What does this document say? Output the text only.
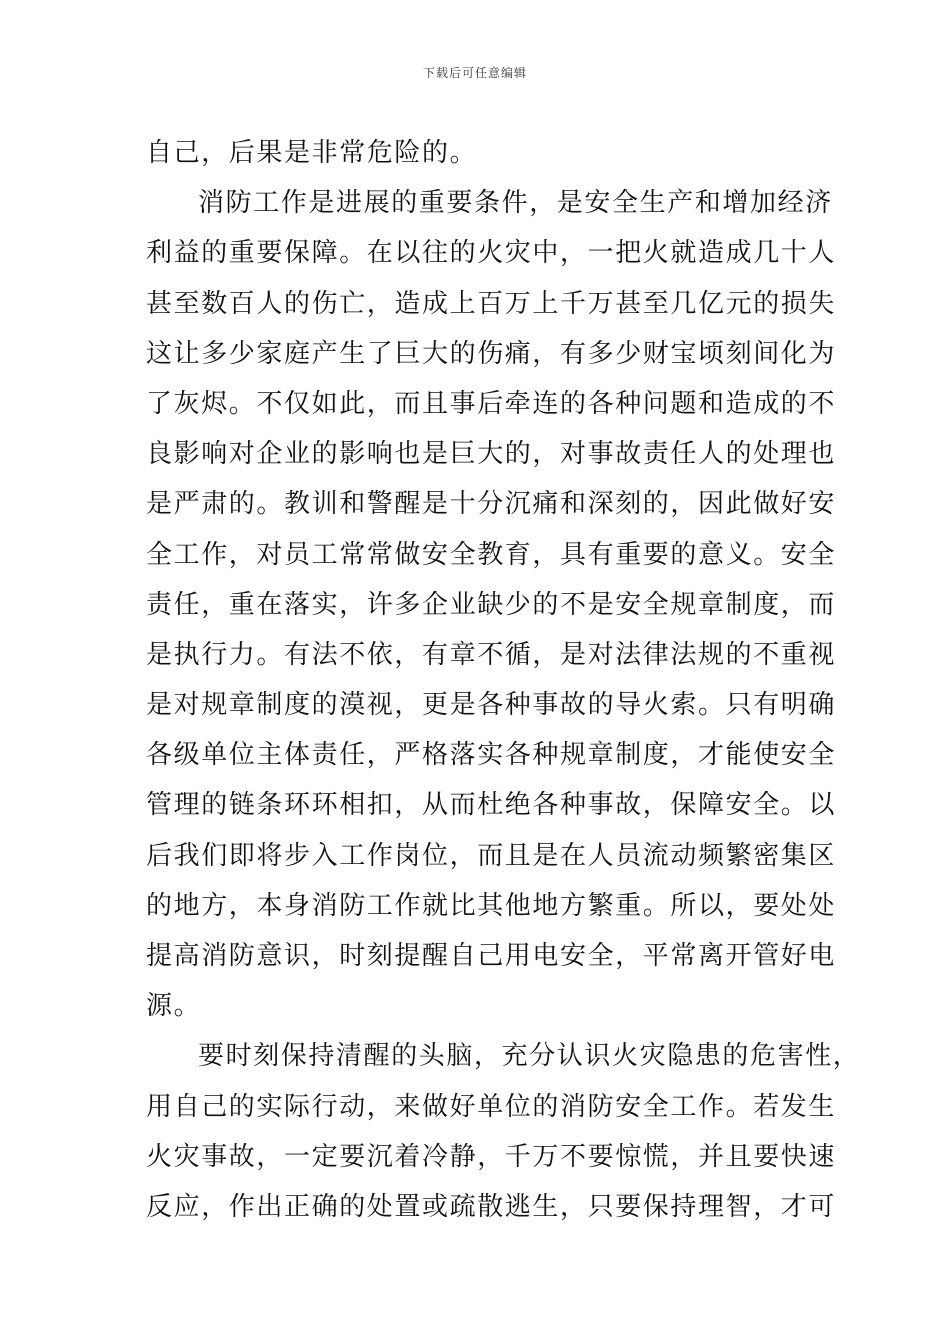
下载后可任意编辑
自己，后果是非常危险的。
消防工作是进展的重要条件，是安全生产和增加经济
利益的重要保障。在以往的火灾中，一把火就造成几十人
甚至数百人的伤亡，造成上百万上千万甚至几亿元的损失
这让多少家庭产生了巨大的伤痛，有多少财宝顷刻间化为
了灰烬。不仅如此，而且事后牵连的各种问题和造成的不
良影响对企业的影响也是巨大的，对事故责任人的处理也
是严肃的。教训和警醒是十分沉痛和深刻的，因此做好安
全工作，对员工常常做安全教育，具有重要的意义。安全
责任，重在落实，许多企业缺少的不是安全规章制度，而
是执行力。有法不依，有章不循，是对法律法规的不重视
是对规章制度的漠视，更是各种事故的导火索。只有明确
各级单位主体责任，严格落实各种规章制度，才能使安全
管理的链条环环相扣，从而杜绝各种事故，保障安全。以
后我们即将步入工作岗位，而且是在人员流动频繁密集区
的地方，本身消防工作就比其他地方繁重。所以，要处处
提高消防意识，时刻提醒自己用电安全，平常离开管好电
源。
要时刻保持清醒的头脑，充分认识火灾隐患的危害性，
用自己的实际行动，来做好单位的消防安全工作。若发生
火灾事故，一定要沉着冷静，千万不要惊慌，并且要快速
反应，作出正确的处置或疏散逃生，只要保持理智，才可
